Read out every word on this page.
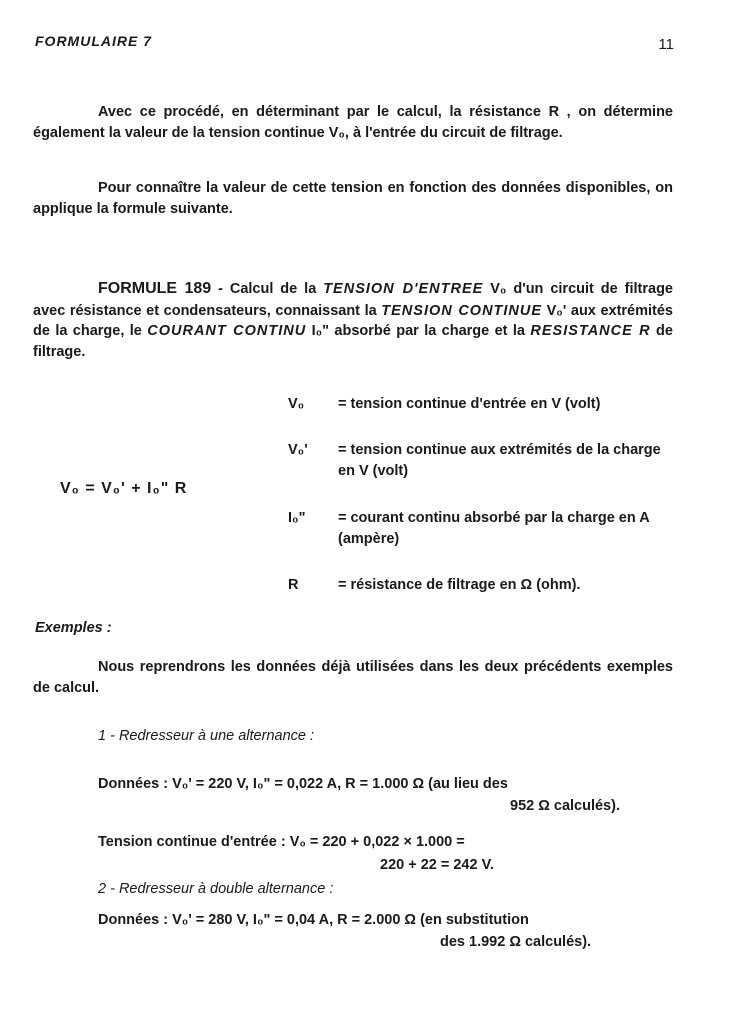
FORMULAIRE 7	11
Avec ce procédé, en déterminant par le calcul, la résistance R , on détermine également la valeur de la tension continue V₀, à l'entrée du circuit de filtrage.
Pour connaître la valeur de cette tension en fonction des données disponibles, on applique la formule suivante.
FORMULE 189 - Calcul de la TENSION D'ENTREE V₀ d'un circuit de filtrage avec résistance et condensateurs, connaissant la TENSION CONTINUE V₀' aux extrémités de la charge, le COURANT CONTINU I₀" absorbé par la charge et la RESISTANCE R de filtrage.
V₀ = V₀' + I₀" R
V₀ = tension continue d'entrée en V (volt)
V₀' = tension continue aux extrémités de la charge en V (volt)
I₀" = courant continu absorbé par la charge en A (ampère)
R	= résistance de filtrage en Ω (ohm).
Exemples :
Nous reprendrons les données déjà utilisées dans les deux précédents exemples de calcul.
1 - Redresseur à une alternance :
Données : V₀' = 220 V, I₀" = 0,022 A, R = 1.000 Ω (au lieu des
952 Ω calculés).
Tension continue d'entrée : V₀ = 220 + 0,022 × 1.000 =
220 + 22 = 242 V.
2 - Redresseur à double alternance :
Données : V₀' = 280 V, I₀" = 0,04 A, R = 2.000 Ω (en substitution
des 1.992 Ω calculés).
